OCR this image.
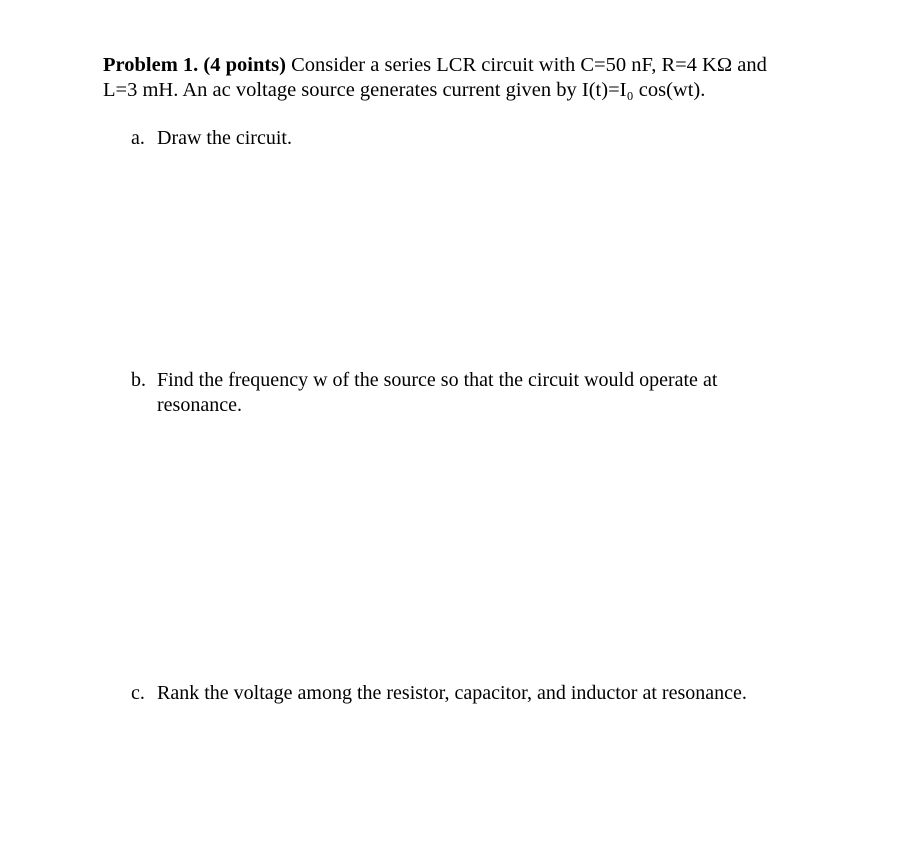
Problem 1. (4 points) Consider a series LCR circuit with C=50 nF, R=4 KΩ and
L=3 mH. An ac voltage source generates current given by I(t)=I₀ cos(wt).
a. Draw the circuit.
b. Find the frequency w of the source so that the circuit would operate at
resonance.
c. Rank the voltage among the resistor, capacitor, and inductor at resonance.
